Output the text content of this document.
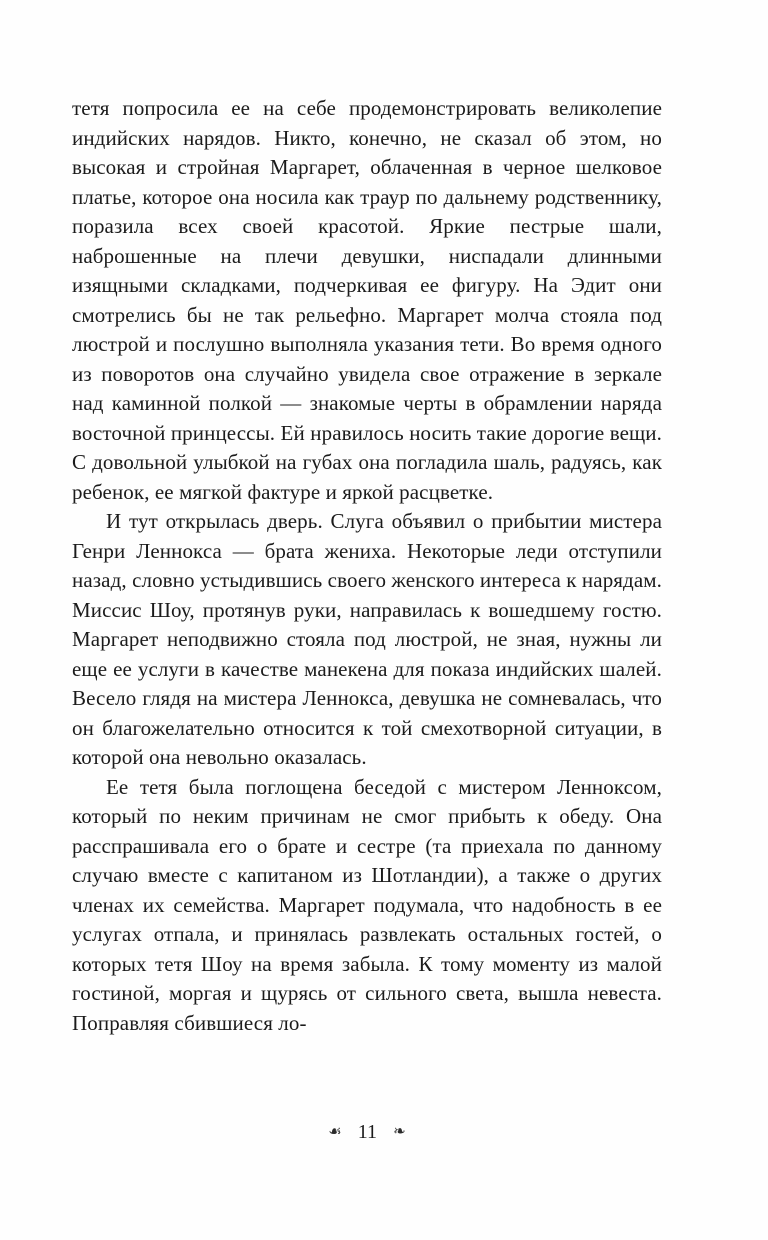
тетя попросила ее на себе продемонстрировать великолепие индийских нарядов. Никто, конечно, не сказал об этом, но высокая и стройная Маргарет, облаченная в черное шелковое платье, которое она носила как траур по дальнему родственнику, поразила всех своей красотой. Яркие пестрые шали, наброшенные на плечи девушки, ниспадали длинными изящными складками, подчеркивая ее фигуру. На Эдит они смотрелись бы не так рельефно. Маргарет молча стояла под люстрой и послушно выполняла указания тети. Во время одного из поворотов она случайно увидела свое отражение в зеркале над каминной полкой — знакомые черты в обрамлении наряда восточной принцессы. Ей нравилось носить такие дорогие вещи. С довольной улыбкой на губах она погладила шаль, радуясь, как ребенок, ее мягкой фактуре и яркой расцветке.

И тут открылась дверь. Слуга объявил о прибытии мистера Генри Леннокса — брата жениха. Некоторые леди отступили назад, словно устыдившись своего женского интереса к нарядам. Миссис Шоу, протянув руки, направилась к вошедшему гостю. Маргарет неподвижно стояла под люстрой, не зная, нужны ли еще ее услуги в качестве манекена для показа индийских шалей. Весело глядя на мистера Леннокса, девушка не сомневалась, что он благожелательно относится к той смехотворной ситуации, в которой она невольно оказалась.

Ее тетя была поглощена беседой с мистером Ленноксом, который по неким причинам не смог прибыть к обеду. Она расспрашивала его о брате и сестре (та приехала по данному случаю вместе с капитаном из Шотландии), а также о других членах их семейства. Маргарет подумала, что надобность в ее услугах отпала, и принялась развлекать остальных гостей, о которых тетя Шоу на время забыла. К тому моменту из малой гостиной, моргая и щурясь от сильного света, вышла невеста. Поправляя сбившиеся ло-

☙ 11 ❧
